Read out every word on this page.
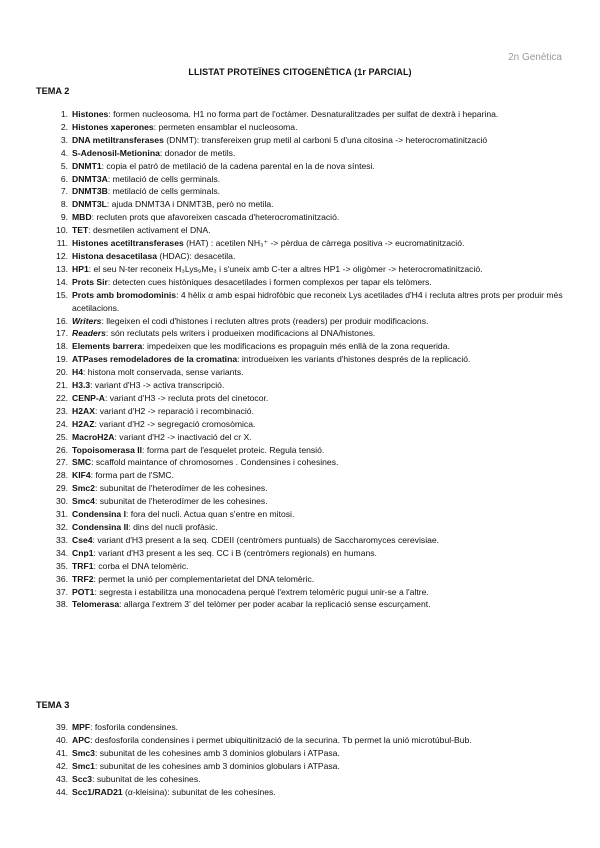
2n Genètica
LLISTAT PROTEÏNES CITOGENÈTICA (1r PARCIAL)
TEMA 2
1. Histones: formen nucleosoma. H1 no forma part de l'octàmer. Desnaturalitzades per sulfat de dextrà i heparina.
2. Histones xaperones: permeten ensamblar el nucleosoma.
3. DNA metiltransferases (DNMT): transfereixen grup metil al carboni 5 d'una citosina -> heterocromatinització
4. S-Adenosil-Metionina: donador de metils.
5. DNMT1: copia el patró de metilació de la cadena parental en la de nova síntesi.
6. DNMT3A: metilació de cells germinals.
7. DNMT3B: metilació de cells germinals.
8. DNMT3L: ajuda DNMT3A i DNMT3B, però no metila.
9. MBD: recluten prots que afavoreixen cascada d'heterocromatinització.
10. TET: desmetilen activament el DNA.
11. Histones acetiltransferases (HAT) : acetilen NH₃⁺ -> pèrdua de càrrega positiva -> eucromatinització.
12. Histona desacetilasa (HDAC): desacetila.
13. HP1: el seu N-ter reconeix H₃Lys₉Me₃ i s'uneix amb C-ter a altres HP1 -> oligòmer -> heterocromatinització.
14. Prots Sir: detecten cues històniques desacetilades i formen complexos per tapar els telòmers.
15. Prots amb bromodominis: 4 hèlix α amb espai hidrofòbic que reconeix Lys acetilades d'H4 i recluta altres prots per produir més acetilacions.
16. Writers: llegeixen el codi d'histones i recluten altres prots (readers) per produir modificacions.
17. Readers: són reclutats pels writers i produeixen modificacions al DNA/histones.
18. Elements barrera: impedeixen que les modificacions es propaguin més enllà de la zona requerida.
19. ATPases remodeladores de la cromatina: introdueixen les variants d'histones després de la replicació.
20. H4: histona molt conservada, sense variants.
21. H3.3: variant d'H3 -> activa transcripció.
22. CENP-A: variant d'H3 -> recluta prots del cinetocor.
23. H2AX: variant d'H2 -> reparació i recombinació.
24. H2AZ: variant d'H2 -> segregació cromosòmica.
25. MacroH2A: variant d'H2 -> inactivació del cr X.
26. Topoisomerasa II: forma part de l'esquelet proteic. Regula tensió.
27. SMC: scaffold maintance of chromosomes . Condensines i cohesines.
28. KIF4: forma part de l'SMC.
29. Smc2: subunitat de l'heterodímer de les cohesines.
30. Smc4: subunitat de l'heterodímer de les cohesines.
31. Condensina I: fora del nucli. Actua quan s'entre en mitosi.
32. Condensina II: dins del nucli profàsic.
33. Cse4: variant d'H3 present a la seq. CDEII (centròmers puntuals) de Saccharomyces cerevisiae.
34. Cnp1: variant d'H3 present a les seq. CC i B (centròmers regionals) en humans.
35. TRF1: corba el DNA telomèric.
36. TRF2: permet la unió per complementarietat del DNA telomèric.
37. POT1: segresta i estabilitza una monocadena perquè l'extrem telomèric pugui unir-se a l'altre.
38. Telomerasa: allarga l'extrem 3' del telòmer per poder acabar la replicació sense escurçament.
TEMA 3
39. MPF: fosforila condensines.
40. APC: desfosforila condensines i permet ubiquitinització de la securina. Tb permet la unió microtúbul-Bub.
41. Smc3: subunitat de les cohesines amb 3 dominios globulars i ATPasa.
42. Smc1: subunitat de les cohesines amb 3 dominios globulars i ATPasa.
43. Scc3: subunitat de les cohesines.
44. Scc1/RAD21 (α-kleisina): subunitat de les cohesines.
